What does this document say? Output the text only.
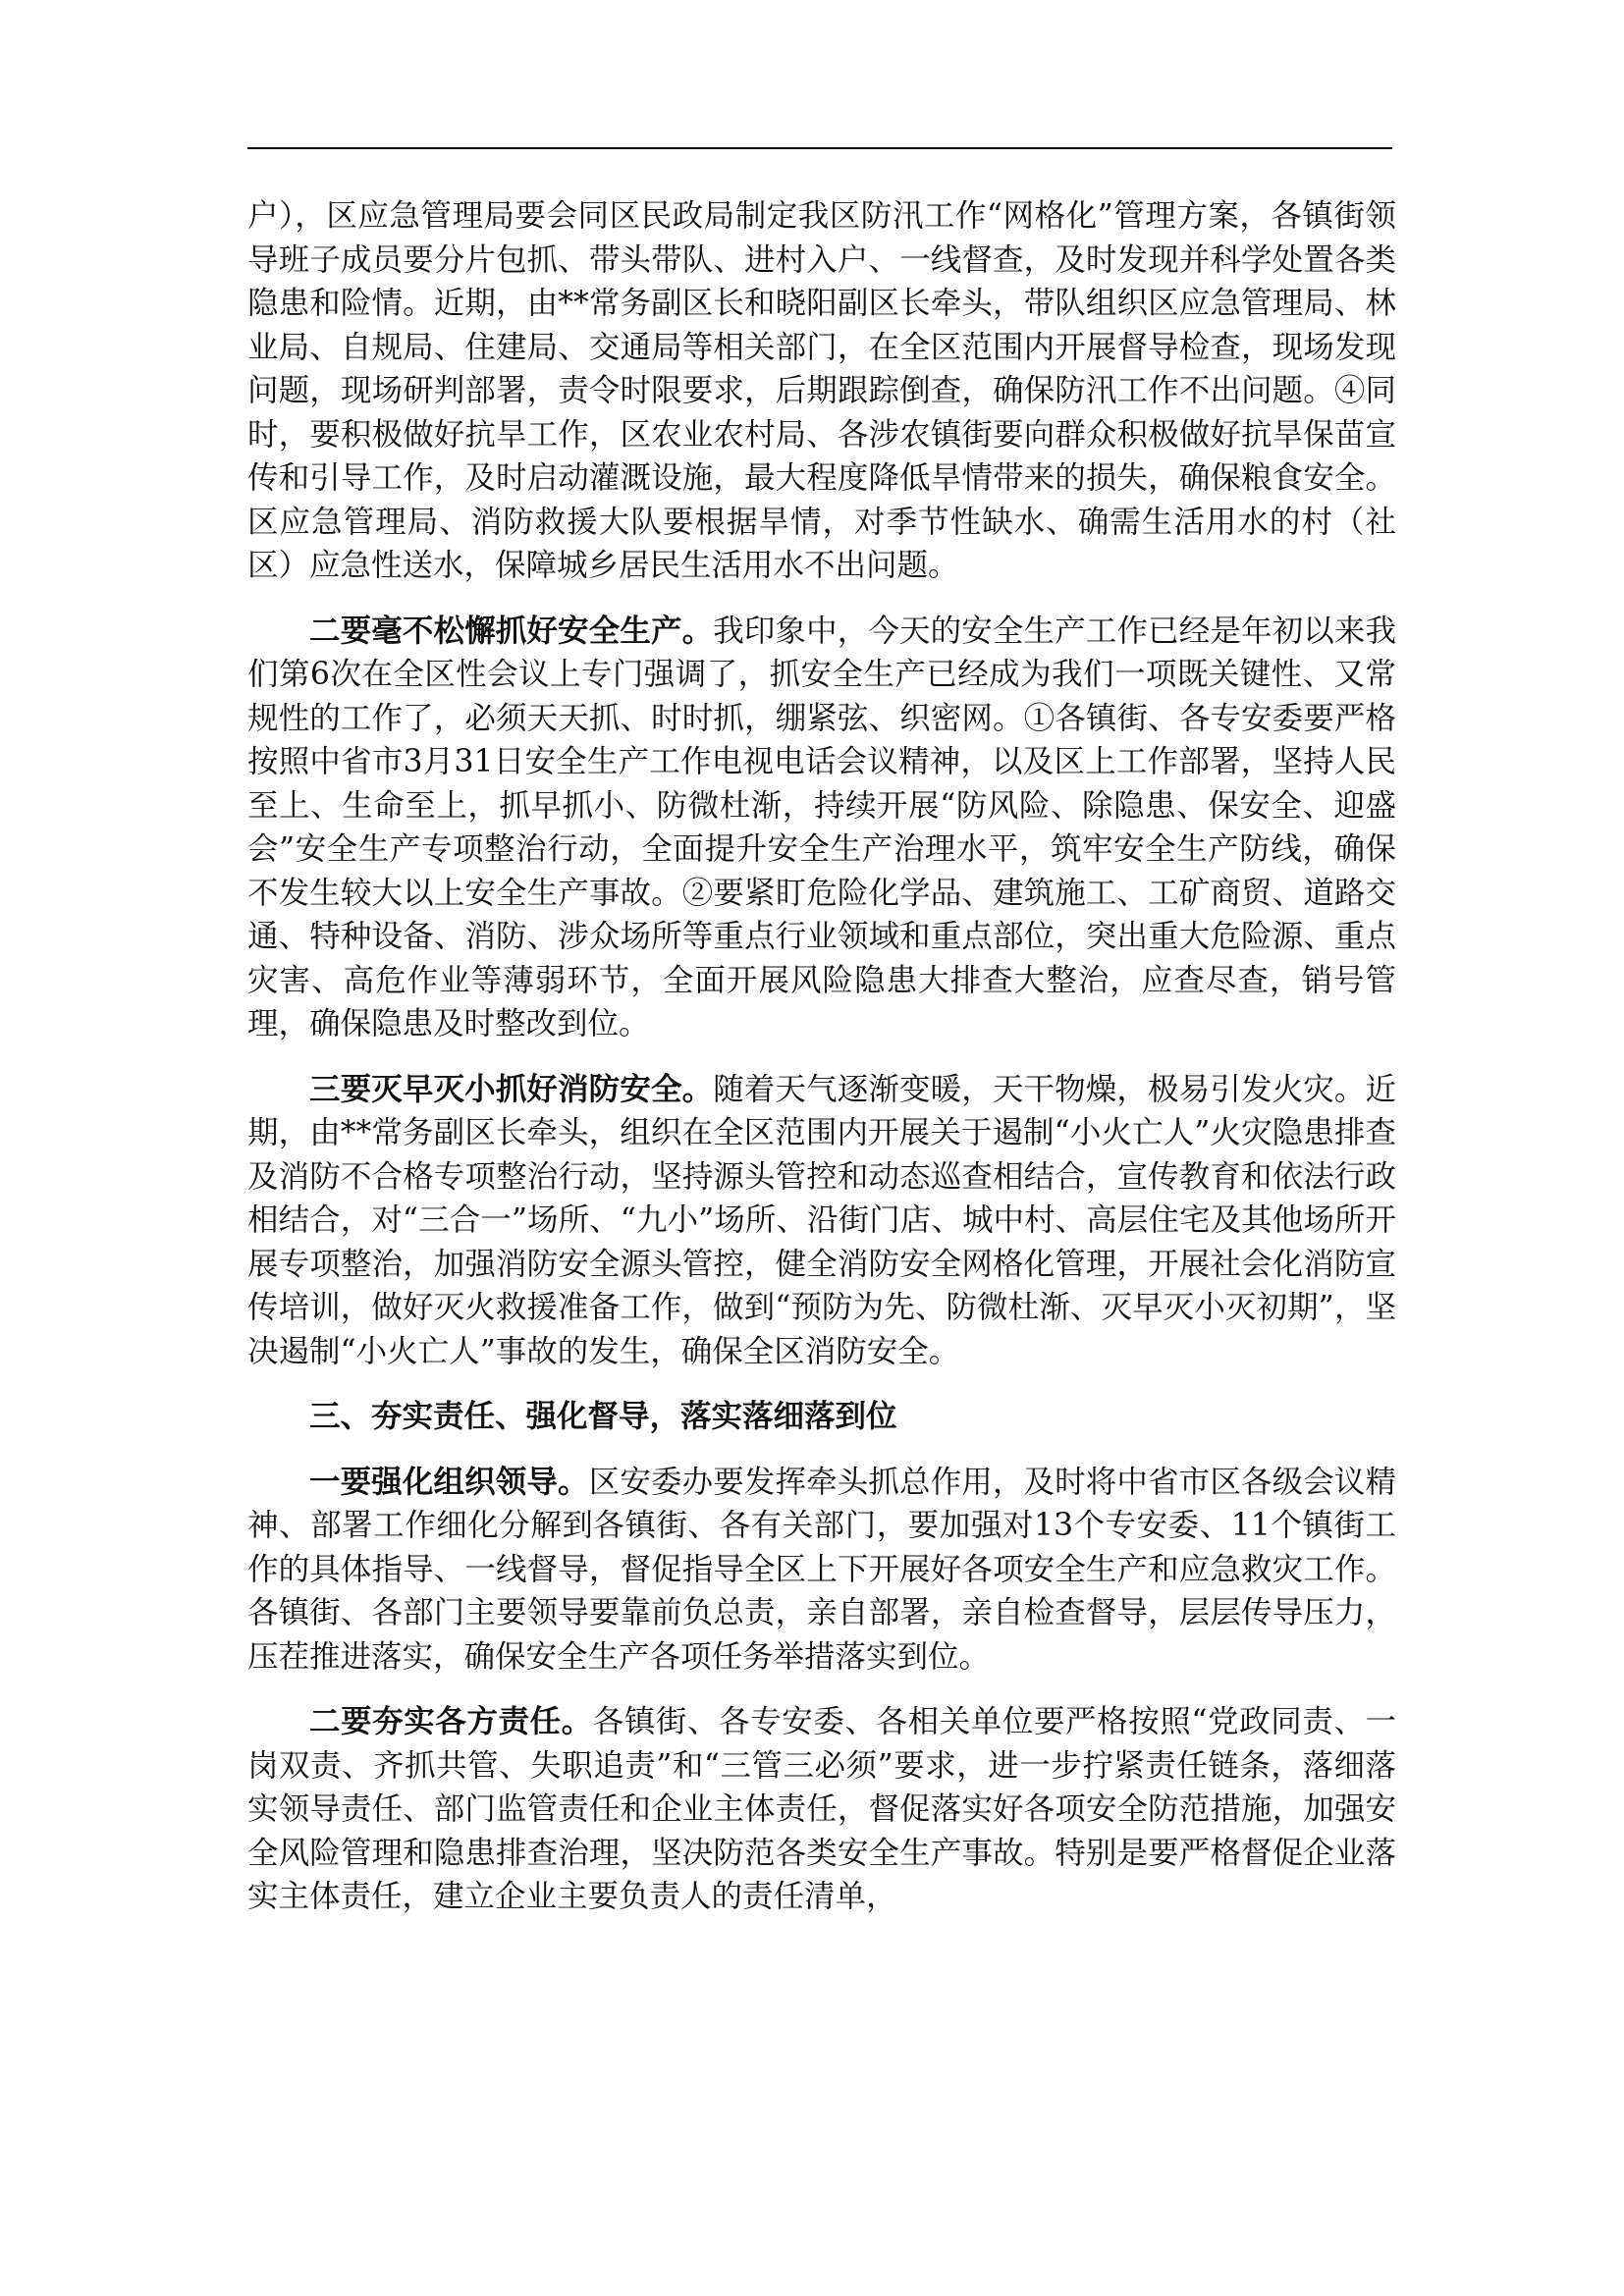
户），区应急管理局要会同区民政局制定我区防汛工作“网格化”管理方案，各镇街领导班子成员要分片包抓、带头带队、进村入户、一线督查，及时发现并科学处置各类隐患和险情。近期，由**常务副区长和晓阳副区长牵头，带队组织区应急管理局、林业局、自规局、住建局、交通局等相关部门，在全区范围内开展督导检查，现场发现问题，现场研判部署，责令时限要求，后期跟踪倒查，确保防汛工作不出问题。④同时，要积极做好抗旱工作，区农业农村局、各涉农镇街要向群众积极做好抗旱保苗宣传和引导工作，及时启动灌溉设施，最大程度降低旱情带来的损失，确保粮食安全。区应急管理局、消防救援大队要根据旱情，对季节性缺水、确需生活用水的村（社区）应急性送水，保障城乡居民生活用水不出问题。

二要毫不松懈抓好安全生产。我印象中，今天的安全生产工作已经是年初以来我们第6次在全区性会议上专门强调了，抓安全生产已经成为我们一项既关键性、又常规性的工作了，必须天天抓、时时抓，绷紧弦、织密网。①各镇街、各专安委要严格按照中省市3月31日安全生产工作电视电话会议精神，以及区上工作部署，坚持人民至上、生命至上，抓早抓小、防微杜渐，持续开展“防风险、除隐患、保安全、迎盛会”安全生产专项整治行动，全面提升安全生产治理水平，筑牢安全生产防线，确保不发生较大以上安全生产事故。②要紧盯危险化学品、建筑施工、工矿商贸、道路交通、特种设备、消防、涉众场所等重点行业领域和重点部位，突出重大危险源、重点灾害、高危作业等薄弱环节，全面开展风险隐患大排查大整治，应查尽查，销号管理，确保隐患及时整改到位。

三要灭早灭小抓好消防安全。随着天气逐渐变暖，天干物燥，极易引发火灾。近期，由**常务副区长牵头，组织在全区范围内开展关于遏制“小火亡人”火灾隐患排查及消防不合格专项整治行动，坚持源头管控和动态巡查相结合，宣传教育和依法行政相结合，对“三合一”场所、“九小”场所、沿街门店、城中村、高层住宅及其他场所开展专项整治，加强消防安全源头管控，健全消防安全网格化管理，开展社会化消防宣传培训，做好灭火救援准备工作，做到“预防为先、防微杜渐、灭早灭小灭初期”，坚决遏制“小火亡人”事故的发生，确保全区消防安全。

三、夯实责任、强化督导，落实落细落到位

一要强化组织领导。区安委办要发挥牵头抓总作用，及时将中省市区各级会议精神、部署工作细化分解到各镇街、各有关部门，要加强对13个专安委、11个镇街工作的具体指导、一线督导，督促指导全区上下开展好各项安全生产和应急救灾工作。各镇街、各部门主要领导要靠前负总责，亲自部署，亲自检查督导，层层传导压力，压茬推进落实，确保安全生产各项任务举措落实到位。

二要夯实各方责任。各镇街、各专安委、各相关单位要严格按照“党政同责、一岗双责、齐抓共管、失职追责”和“三管三必须”要求，进一步拧紧责任链条，落细落实领导责任、部门监管责任和企业主体责任，督促落实好各项安全防范措施，加强安全风险管理和隐患排查治理，坚决防范各类安全生产事故。特别是要严格督促企业落实主体责任，建立企业主要负责人的责任清单，
